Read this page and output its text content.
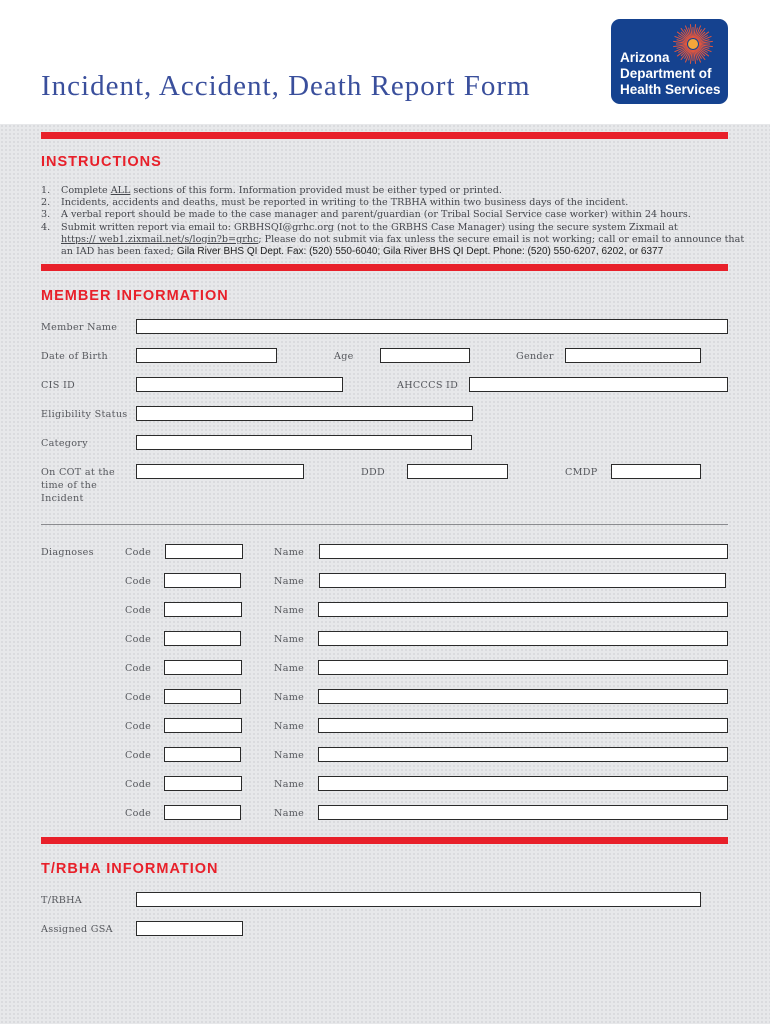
Incident, Accident, Death Report Form
Arizona
Department of
Health Services
INSTRUCTIONS
1. Complete ALL sections of this form. Information provided must be either typed or printed.
2. Incidents, accidents and deaths, must be reported in writing to the TRBHA within two business days of the incident.
3. A verbal report should be made to the case manager and parent/guardian (or Tribal Social Service case worker) within 24 hours.
4. Submit written report via email to: GRBHSQI@grhc.org (not to the GRBHS Case Manager) using the secure system Zixmail at
https:// web1.zixmail.net/s/login?b=grhc; Please do not submit via fax unless the secure email is not working; call or email to announce that
an IAD has been faxed; Gila River BHS QI Dept. Fax: (520) 550-6040; Gila River BHS QI Dept. Phone: (520) 550-6207, 6202, or 6377
MEMBER INFORMATION
Member Name
Date of Birth	Age	Gender
CIS ID	AHCCCS ID
Eligibility Status
Category
On COT at the
time of the
Incident
DDD	CMDP
Diagnoses	Code	Name
Code	Name
Code	Name
Code	Name
Code	Name
Code	Name
Code	Name
Code	Name
Code	Name
Code	Name
T/RBHA INFORMATION
T/RBHA
Assigned GSA
